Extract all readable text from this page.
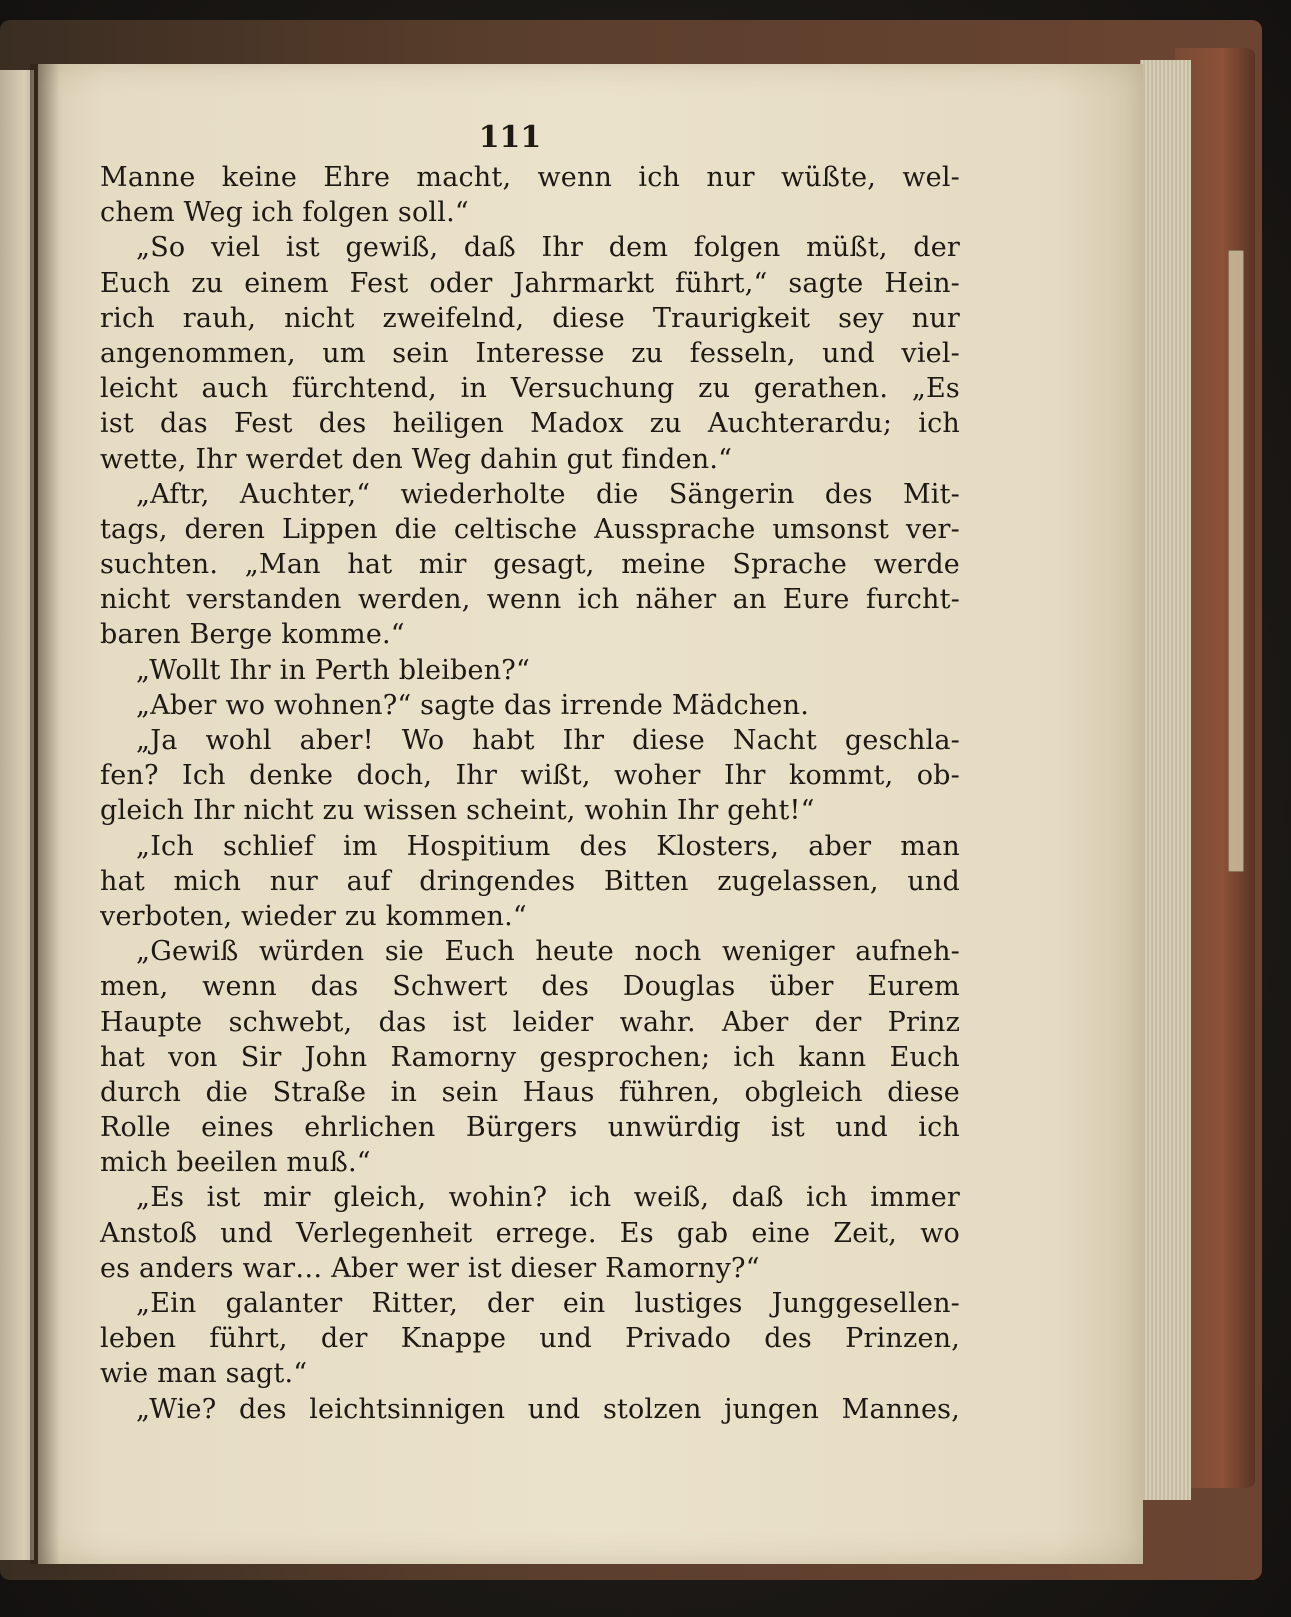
111
Manne keine Ehre macht, wenn ich nur wüßte, wel-
chem Weg ich folgen soll.“
„So viel ist gewiß, daß Ihr dem folgen müßt, der
Euch zu einem Fest oder Jahrmarkt führt,“ sagte Hein-
rich rauh, nicht zweifelnd, diese Traurigkeit sey nur
angenommen, um sein Interesse zu fesseln, und viel-
leicht auch fürchtend, in Versuchung zu gerathen. „Es
ist das Fest des heiligen Madox zu Auchterardu; ich
wette, Ihr werdet den Weg dahin gut finden.“
„Aftr, Auchter,“ wiederholte die Sängerin des Mit-
tags, deren Lippen die celtische Aussprache umsonst ver-
suchten. „Man hat mir gesagt, meine Sprache werde
nicht verstanden werden, wenn ich näher an Eure furcht-
baren Berge komme.“
„Wollt Ihr in Perth bleiben?“
„Aber wo wohnen?“ sagte das irrende Mädchen.
„Ja wohl aber! Wo habt Ihr diese Nacht geschla-
fen? Ich denke doch, Ihr wißt, woher Ihr kommt, ob-
gleich Ihr nicht zu wissen scheint, wohin Ihr geht!“
„Ich schlief im Hospitium des Klosters, aber man
hat mich nur auf dringendes Bitten zugelassen, und
verboten, wieder zu kommen.“
„Gewiß würden sie Euch heute noch weniger aufneh-
men, wenn das Schwert des Douglas über Eurem
Haupte schwebt, das ist leider wahr. Aber der Prinz
hat von Sir John Ramorny gesprochen; ich kann Euch
durch die Straße in sein Haus führen, obgleich diese
Rolle eines ehrlichen Bürgers unwürdig ist und ich
mich beeilen muß.“
„Es ist mir gleich, wohin? ich weiß, daß ich immer
Anstoß und Verlegenheit errege. Es gab eine Zeit, wo
es anders war… Aber wer ist dieser Ramorny?“
„Ein galanter Ritter, der ein lustiges Junggesellen-
leben führt, der Knappe und Privado des Prinzen,
wie man sagt.“
„Wie? des leichtsinnigen und stolzen jungen Mannes,
